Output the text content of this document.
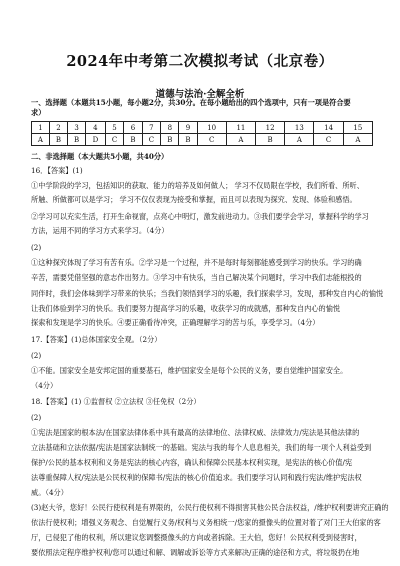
2024年中考第二次模拟考试（北京卷）
道德与法治·全解全析
一、选择题（本题共15小题，每小题2分，共30分。在每小题给出的四个选项中，只有一项是符合要
求）
1	2	3	4	5	6	7	8	9	10	11	12	13	14	15
A	B	B	D	C	B	C	B	B	C	A	B	A	C	A
二、非选择题（本大题共5小题，共40分）
16．【答案】(1)
①中学阶段的学习，包括知识的获取、能力的培养及如何做人； 学习不仅局限在学校，我们所看、所听、
所触、所做都可以是学习； 学习不仅仅表现为接受和掌握，而且可以表现为探究、发现、体验和感悟。
②学习可以充实生活，打开生命视窗，点亮心中明灯，激发前进动力。③我们要学会学习，掌握科学的学习
方法，运用不同的学习方式来学习。（4分）
(2)
①这种探究体现了学习有苦有乐。②学习是一个过程，并不是每时每刻都能感受到学习的快乐。学习的确
辛苦，需要凭借坚强的意志作出努力。③学习中有快乐，当自己解决某个问题时，学习中我们志能根投的
同伴时，我们会体味到学习带来的快乐；当我们领悟到学习的乐趣，我们探索学习，发现，那种发自内心的愉悦
让我们体验到学习的快乐。我们要努力提高学习的乐趣，收获学习的成就感，那种发自内心的愉悦
探索和发现是学习的快乐。④要正确看待冲突，正确理解学习的苦与乐，享受学习。（4分）
17.【答案】(1)总体国家安全观。（2分）
(2)
①不能。国家安全是安邦定国的重要基石，维护国家安全是每个公民的义务，要自觉维护国家安全。
（4分）
18.【答案】(1) ①监督权 ②立法权 ③任免权（2分）
(2)
①宪法是国家的根本法/在国家法律体系中具有最高的法律地位、法律权威、法律效力/宪法是其他法律的
立法基础和立法依据/宪法是国家法制统一的基础。宪法与我的每个人息息相关，我们的每一项个人利益受到
保护/公民的基本权利和义务是宪法的核心内容，确认和保障公民基本权利实现，是宪法的核心价值/宪
法尊重保障人权/宪法是公民权利的保障书/宪法的核心价值追求。我们要学习认同和践行宪法/维护宪法权
威。（4分）
(3)赵大爷，您好！公民行使权利是有界限的，公民行使权利不得损害其他公民合法权益，/维护权利要讲究正确的
依法行使权利；增强义务观念、自觉履行义务/权利与义务相统一/您家的摄像头的位置对着了对门王大伯家的客
厅，已侵犯了他的权利，所以建议您调整摄像头的方向或者拆除。王大伯，您好！公民权利受到侵害时，
要依照法定程序维护权利/您可以通过和解、调解或诉讼等方式来解决/正确的途径和方式，将垃圾扔在地
